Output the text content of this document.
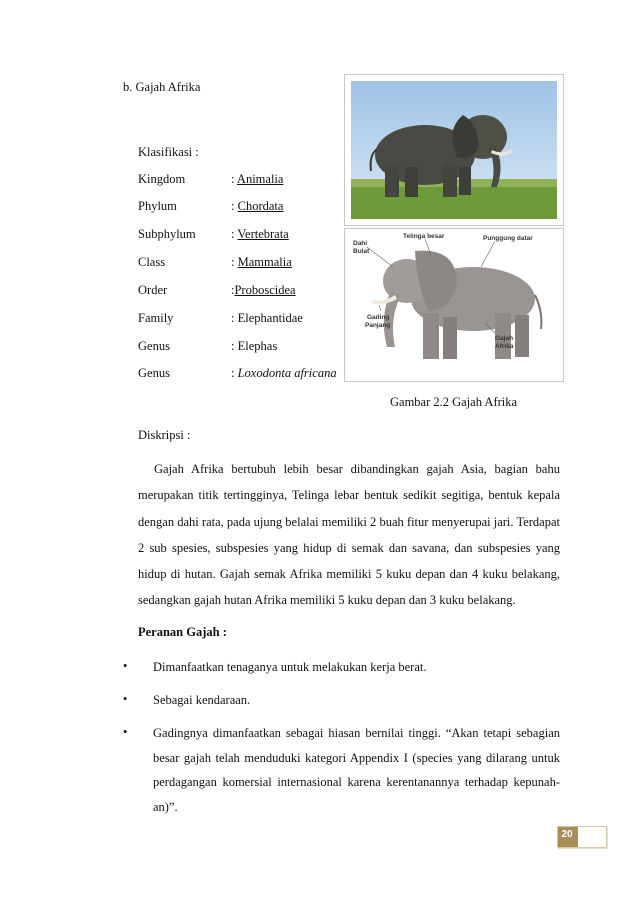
b. Gajah Afrika
Klasifikasi :
Kingdom	: Animalia
Phylum	: Chordata
Subphylum	: Vertebrata
Class	: Mammalia
Order	:Proboscidea
Family	: Elephantidae
Genus	: Elephas
Genus	: Loxodonta africana
Dahi
Bulat
Telinga besar	Punggung datar
Gading
Panjang
Gajah
Afrika
Gambar 2.2 Gajah Afrika
Diskripsi :

Gajah Afrika bertubuh lebih besar dibandingkan gajah Asia, bagian bahu merupakan titik tertingginya, Telinga lebar bentuk sedikit segitiga, bentuk kepala dengan dahi rata, pada ujung belalai memiliki 2 buah fitur menyerupai jari. Terdapat 2 sub spesies, subspesies yang hidup di semak dan savana, dan subspesies yang hidup di hutan. Gajah semak Afrika memiliki 5 kuku depan dan 4 kuku belakang, sedangkan gajah hutan Afrika memiliki 5 kuku depan dan 3 kuku belakang.

Peranan Gajah :
• Dimanfaatkan tenaganya untuk melakukan kerja berat.
• Sebagai kendaraan.
• Gadingnya dimanfaatkan sebagai hiasan bernilai tinggi. “Akan tetapi sebagian besar gajah telah menduduki kategori Appendix I (species yang dilarang untuk perdagangan komersial internasional karena kerentanannya terhadap kepunah-an)”.
20
